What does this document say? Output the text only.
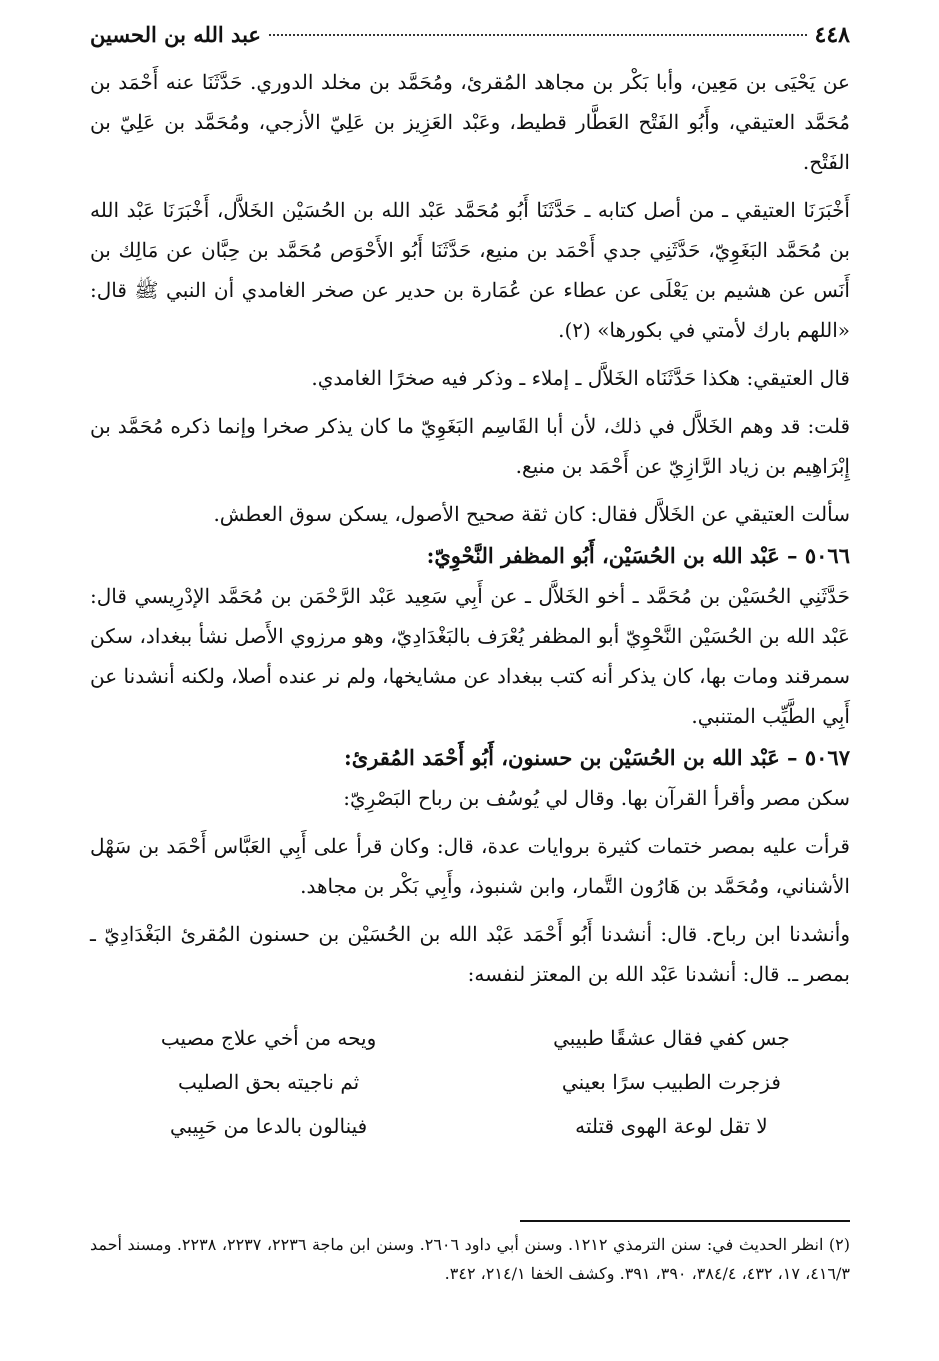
٤٤٨
عبد الله بن الحسين

عن يَحْيَى بن مَعِين، وأبا بَكْر بن مجاهد المُقرئ، ومُحَمَّد بن مخلد الدوري. حَدَّثَنَا عنه أَحْمَد بن مُحَمَّد العتيقي، وأَبُو الفَتْح العَطَّار قطيط، وعَبْد العَزِيز بن عَلِيّ الأزجي، ومُحَمَّد بن عَلِيّ بن الفَتْح.

أَخْبَرَنَا العتيقي ـ من أصل كتابه ـ حَدَّثَنَا أَبُو مُحَمَّد عَبْد الله بن الحُسَيْن الخَلاَّل، أَخْبَرَنَا عَبْد الله بن مُحَمَّد البَغَوِيّ، حَدَّثَنِي جدي أَحْمَد بن منيع، حَدَّثَنَا أَبُو الأَحْوَص مُحَمَّد بن حِبَّان عن مَالِك بن أَنَس عن هشيم بن يَعْلَى عن عطاء عن عُمَارة بن حدير عن صخر الغامدي أن النبي ﷺ قال: «اللهم بارك لأمتي في بكورها» (٢).

قال العتيقي: هكذا حَدَّثَنَاه الخَلاَّل ـ إملاء ـ وذكر فيه صخرًا الغامدي.

قلت: قد وهم الخَلاَّل في ذلك، لأن أبا القَاسِم البَغَوِيّ ما كان يذكر صخرا وإنما ذكره مُحَمَّد بن إِبْرَاهِيم بن زياد الرَّازِيّ عن أَحْمَد بن منيع.

سألت العتيقي عن الخَلاَّل فقال: كان ثقة صحيح الأصول، يسكن سوق العطش.

٥٠٦٦ – عَبْد الله بن الحُسَيْن، أَبُو المظفر النَّحْوِيّ:

حَدَّثَنِي الحُسَيْن بن مُحَمَّد ـ أخو الخَلاَّل ـ عن أَبِي سَعِيد عَبْد الرَّحْمَن بن مُحَمَّد الإدْرِيسي قال: عَبْد الله بن الحُسَيْن النَّحْوِيّ أبو المظفر يُعْرَف بالبَغْدَادِيّ، وهو مرزوي الأَصل نشأ ببغداد، سكن سمرقند ومات بها، كان يذكر أنه كتب ببغداد عن مشايخها، ولم نر عنده أصلا، ولكنه أنشدنا عن أَبِي الطَّيِّب المتنبي.

٥٠٦٧ – عَبْد الله بن الحُسَيْن بن حسنون، أَبُو أَحْمَد المُقرئ:

سكن مصر وأقرأ القرآن بها. وقال لي يُوسُف بن رباح البَصْرِيّ:

قرأت عليه بمصر ختمات كثيرة بروايات عدة، قال: وكان قرأ على أَبِي العَبَّاس أَحْمَد بن سَهْل الأشناني، ومُحَمَّد بن هَارُون التَّمار، وابن شنبوذ، وأَبِي بَكْر بن مجاهد.

وأنشدنا ابن رباح. قال: أنشدنا أَبُو أَحْمَد عَبْد الله بن الحُسَيْن بن حسنون المُقرئ البَغْدَادِيّ ـ بمصر ـ. قال: أنشدنا عَبْد الله بن المعتز لنفسه:

جس كفي فقال عشقًا طبيبي
ويحه من أخي علاج مصيب
فزجرت الطبيب سرًا بعيني
ثم ناجيته بحق الصليب
لا تقل لوعة الهوى قتلته
فينالون بالدعا من حَبِيبي
(٢) انظر الحديث في: سنن الترمذي ١٢١٢. وسنن أبي داود ٢٦٠٦. وسنن ابن ماجة ٢٢٣٦، ٢٢٣٧، ٢٢٣٨. ومسند أحمد ٤١٦/٣، ١٧، ٤٣٢، ٣٨٤/٤، ٣٩٠، ٣٩١. وكشف الخفا ٢١٤/١، ٣٤٢.
